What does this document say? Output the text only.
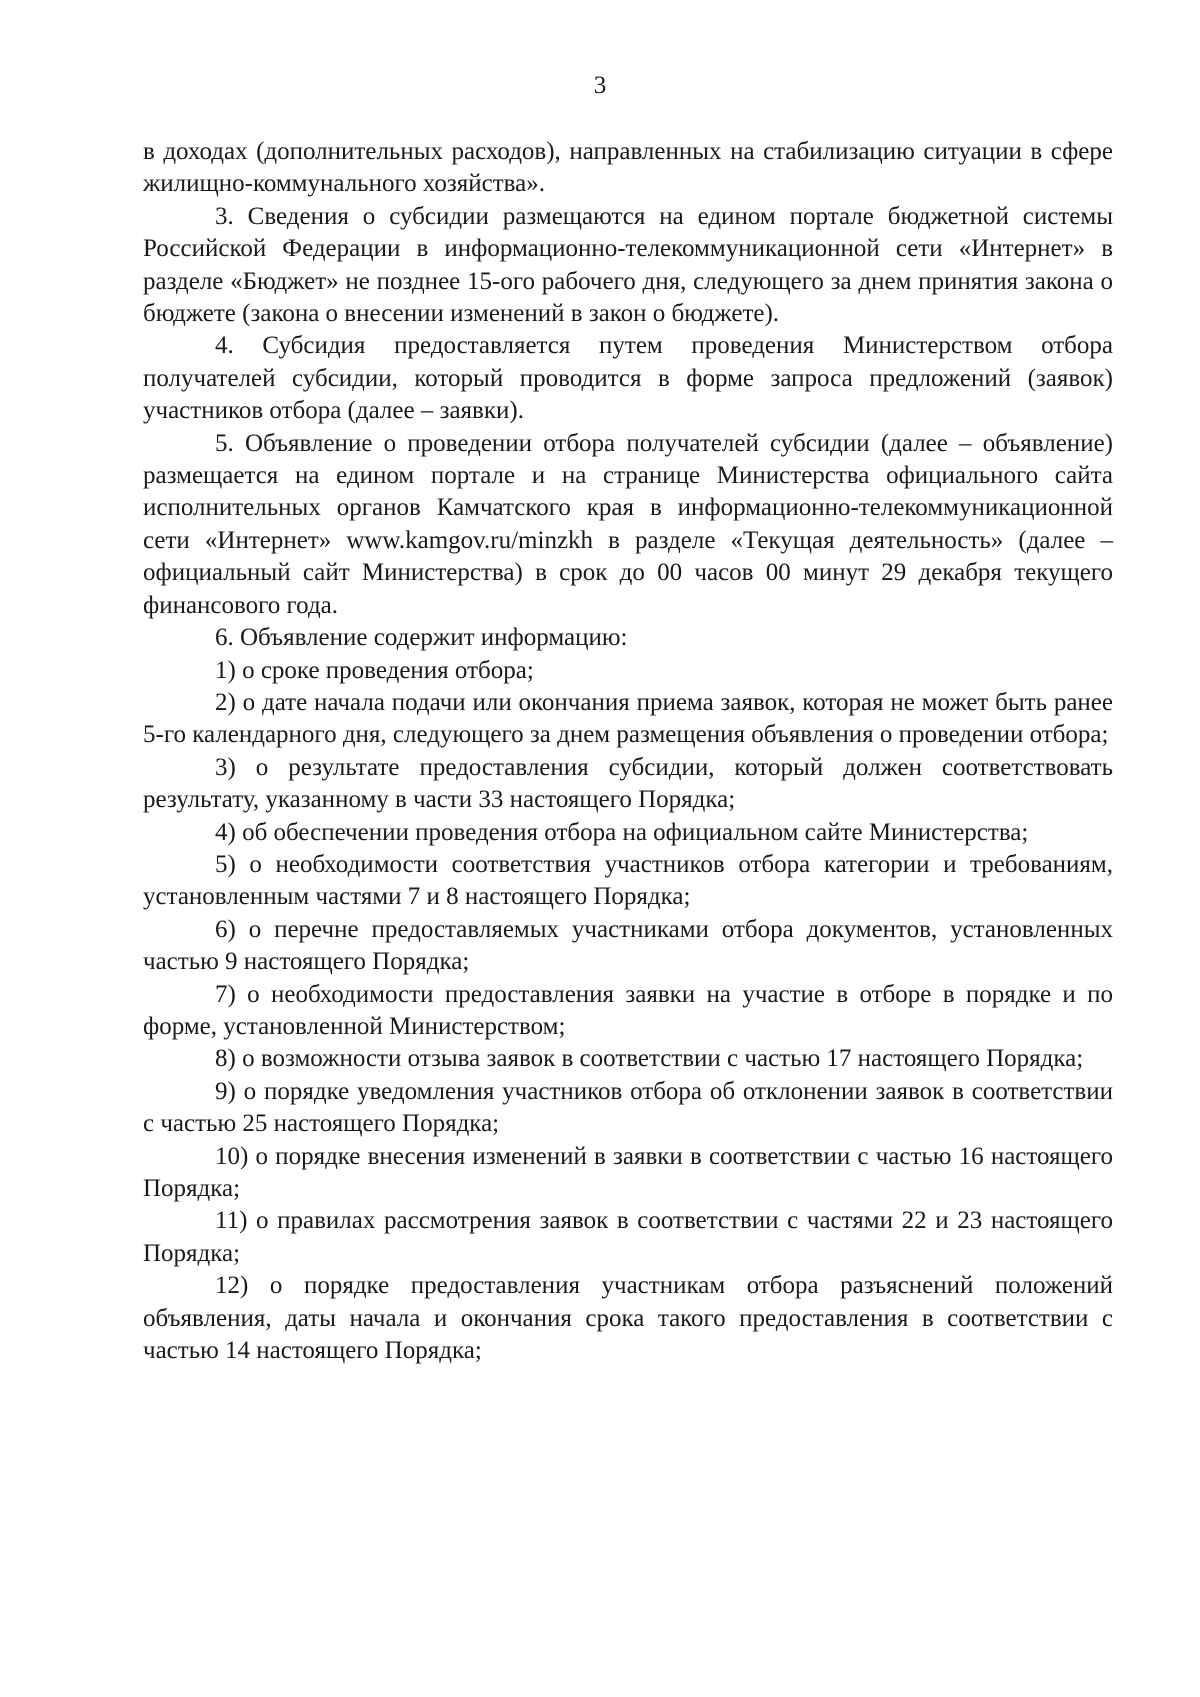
3

в доходах (дополнительных расходов), направленных на стабилизацию ситуации в сфере жилищно-коммунального хозяйства».

3. Сведения о субсидии размещаются на едином портале бюджетной системы Российской Федерации в информационно-телекоммуникационной сети «Интернет» в разделе «Бюджет» не позднее 15-ого рабочего дня, следующего за днем принятия закона о бюджете (закона о внесении изменений в закон о бюджете).

4. Субсидия предоставляется путем проведения Министерством отбора получателей субсидии, который проводится в форме запроса предложений (заявок) участников отбора (далее – заявки).

5. Объявление о проведении отбора получателей субсидии (далее – объявление) размещается на едином портале и на странице Министерства официального сайта исполнительных органов Камчатского края в информационно-телекоммуникационной сети «Интернет» www.kamgov.ru/minzkh в разделе «Текущая деятельность» (далее – официальный сайт Министерства) в срок до 00 часов 00 минут 29 декабря текущего финансового года.

6. Объявление содержит информацию:

1) о сроке проведения отбора;

2) о дате начала подачи или окончания приема заявок, которая не может быть ранее 5-го календарного дня, следующего за днем размещения объявления о проведении отбора;

3) о результате предоставления субсидии, который должен соответствовать результату, указанному в части 33 настоящего Порядка;

4) об обеспечении проведения отбора на официальном сайте Министерства;

5) о необходимости соответствия участников отбора категории и требованиям, установленным частями 7 и 8 настоящего Порядка;

6) о перечне предоставляемых участниками отбора документов, установленных частью 9 настоящего Порядка;

7) о необходимости предоставления заявки на участие в отборе в порядке и по форме, установленной Министерством;

8) о возможности отзыва заявок в соответствии с частью 17 настоящего Порядка;

9) о порядке уведомления участников отбора об отклонении заявок в соответствии с частью 25 настоящего Порядка;

10) о порядке внесения изменений в заявки в соответствии с частью 16 настоящего Порядка;

11) о правилах рассмотрения заявок в соответствии с частями 22 и 23 настоящего Порядка;

12) о порядке предоставления участникам отбора разъяснений положений объявления, даты начала и окончания срока такого предоставления в соответствии с частью 14 настоящего Порядка;
